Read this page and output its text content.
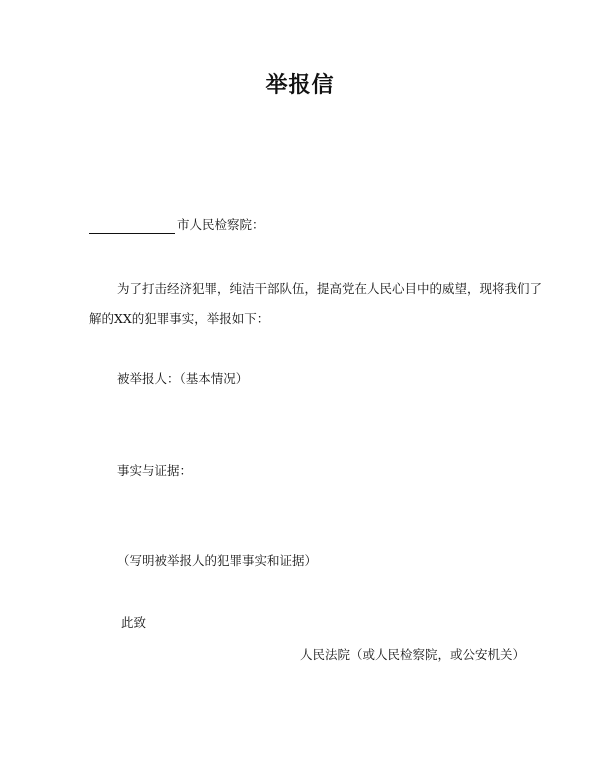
举报信
市人民检察院：
为了打击经济犯罪，纯洁干部队伍，提高党在人民心目中的威望，现将我们了
解的XX的犯罪事实，举报如下：
被举报人：（基本情况）
事实与证据：
（写明被举报人的犯罪事实和证据）
此致
人民法院（或人民检察院，或公安机关）
